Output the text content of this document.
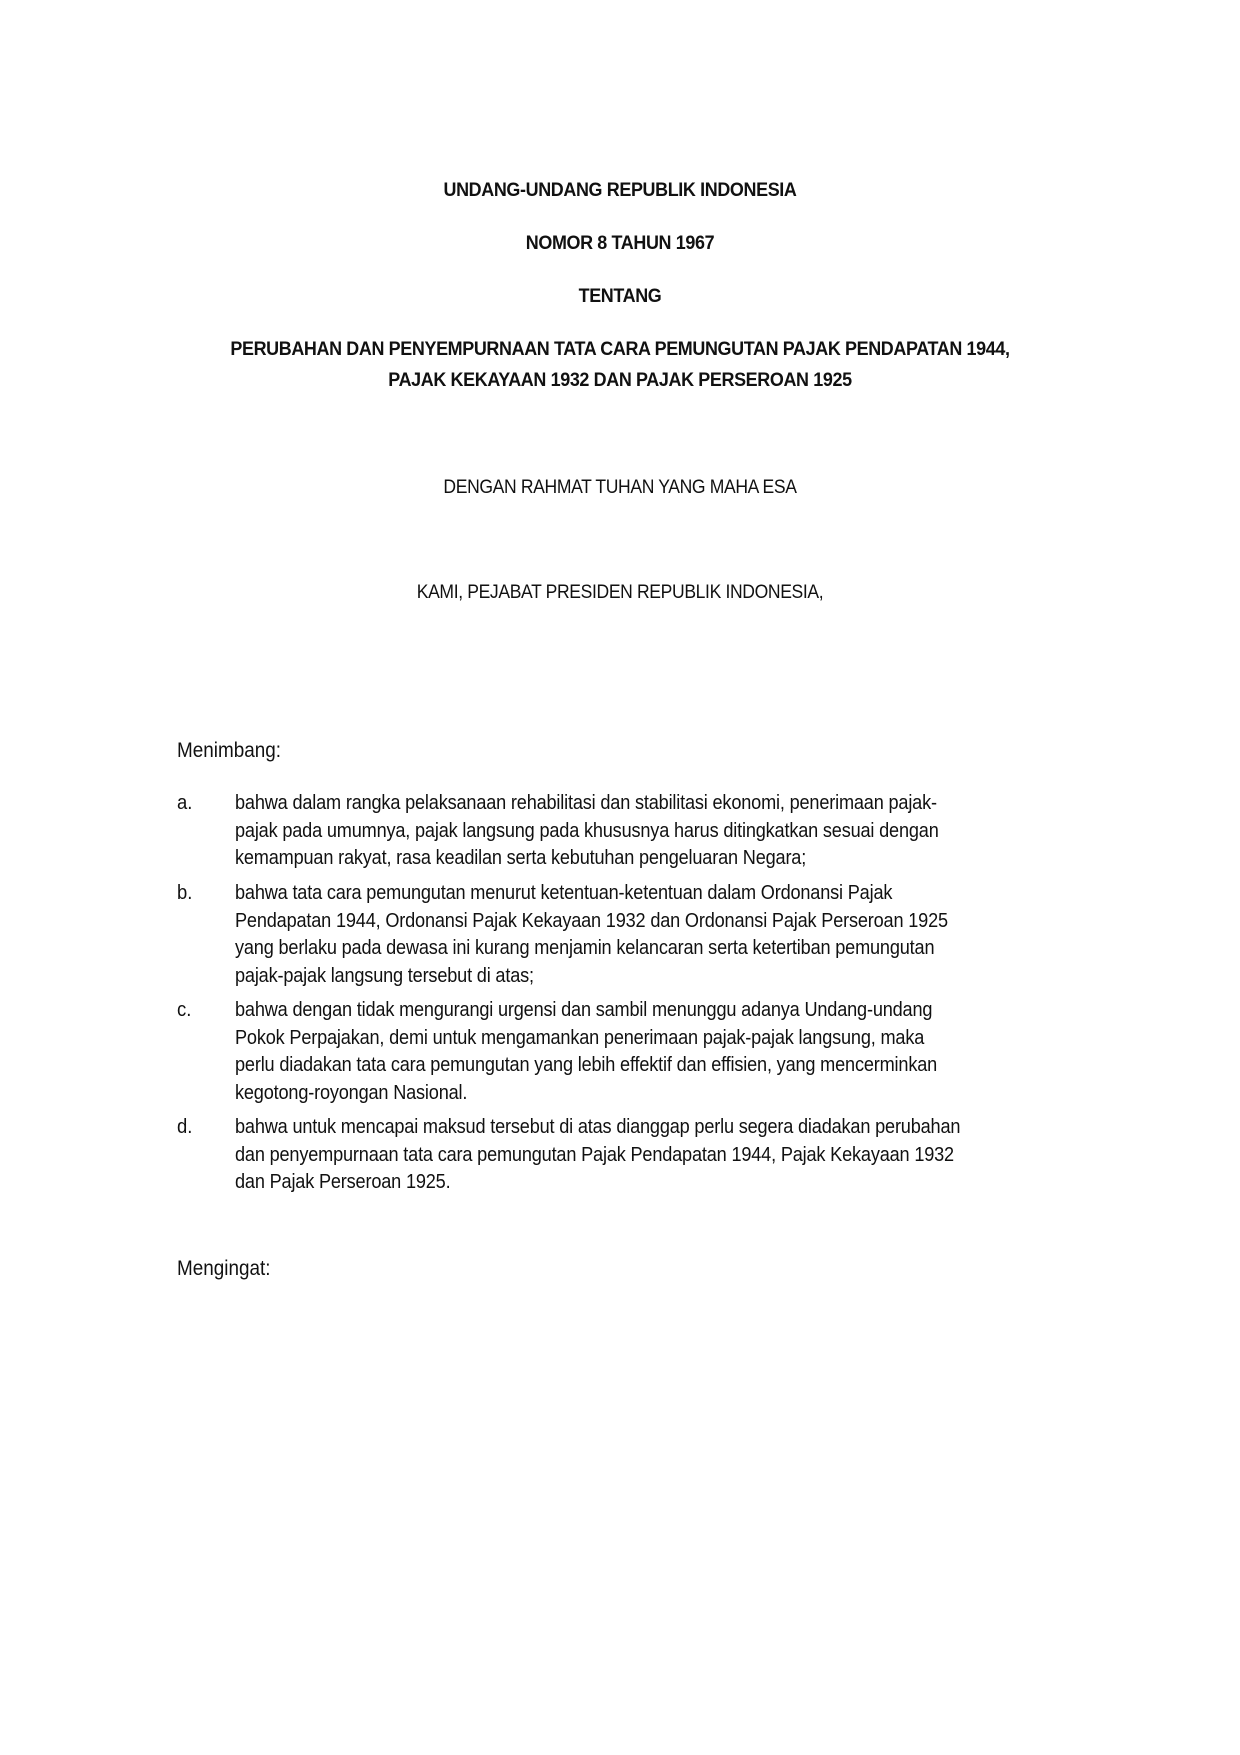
UNDANG-UNDANG REPUBLIK INDONESIA
NOMOR 8 TAHUN 1967
TENTANG
PERUBAHAN DAN PENYEMPURNAAN TATA CARA PEMUNGUTAN PAJAK PENDAPATAN 1944,
PAJAK KEKAYAAN 1932 DAN PAJAK PERSEROAN 1925
DENGAN RAHMAT TUHAN YANG MAHA ESA
KAMI, PEJABAT PRESIDEN REPUBLIK INDONESIA,
Menimbang:
a. bahwa dalam rangka pelaksanaan rehabilitasi dan stabilitasi ekonomi, penerimaan pajak-
pajak pada umumnya, pajak langsung pada khususnya harus ditingkatkan sesuai dengan
kemampuan rakyat, rasa keadilan serta kebutuhan pengeluaran Negara;
b. bahwa tata cara pemungutan menurut ketentuan-ketentuan dalam Ordonansi Pajak
Pendapatan 1944, Ordonansi Pajak Kekayaan 1932 dan Ordonansi Pajak Perseroan 1925
yang berlaku pada dewasa ini kurang menjamin kelancaran serta ketertiban pemungutan
pajak-pajak langsung tersebut di atas;
c. bahwa dengan tidak mengurangi urgensi dan sambil menunggu adanya Undang-undang
Pokok Perpajakan, demi untuk mengamankan penerimaan pajak-pajak langsung, maka
perlu diadakan tata cara pemungutan yang lebih effektif dan effisien, yang mencerminkan
kegotong-royongan Nasional.
d. bahwa untuk mencapai maksud tersebut di atas dianggap perlu segera diadakan perubahan
dan penyempurnaan tata cara pemungutan Pajak Pendapatan 1944, Pajak Kekayaan 1932
dan Pajak Perseroan 1925.
Mengingat:
